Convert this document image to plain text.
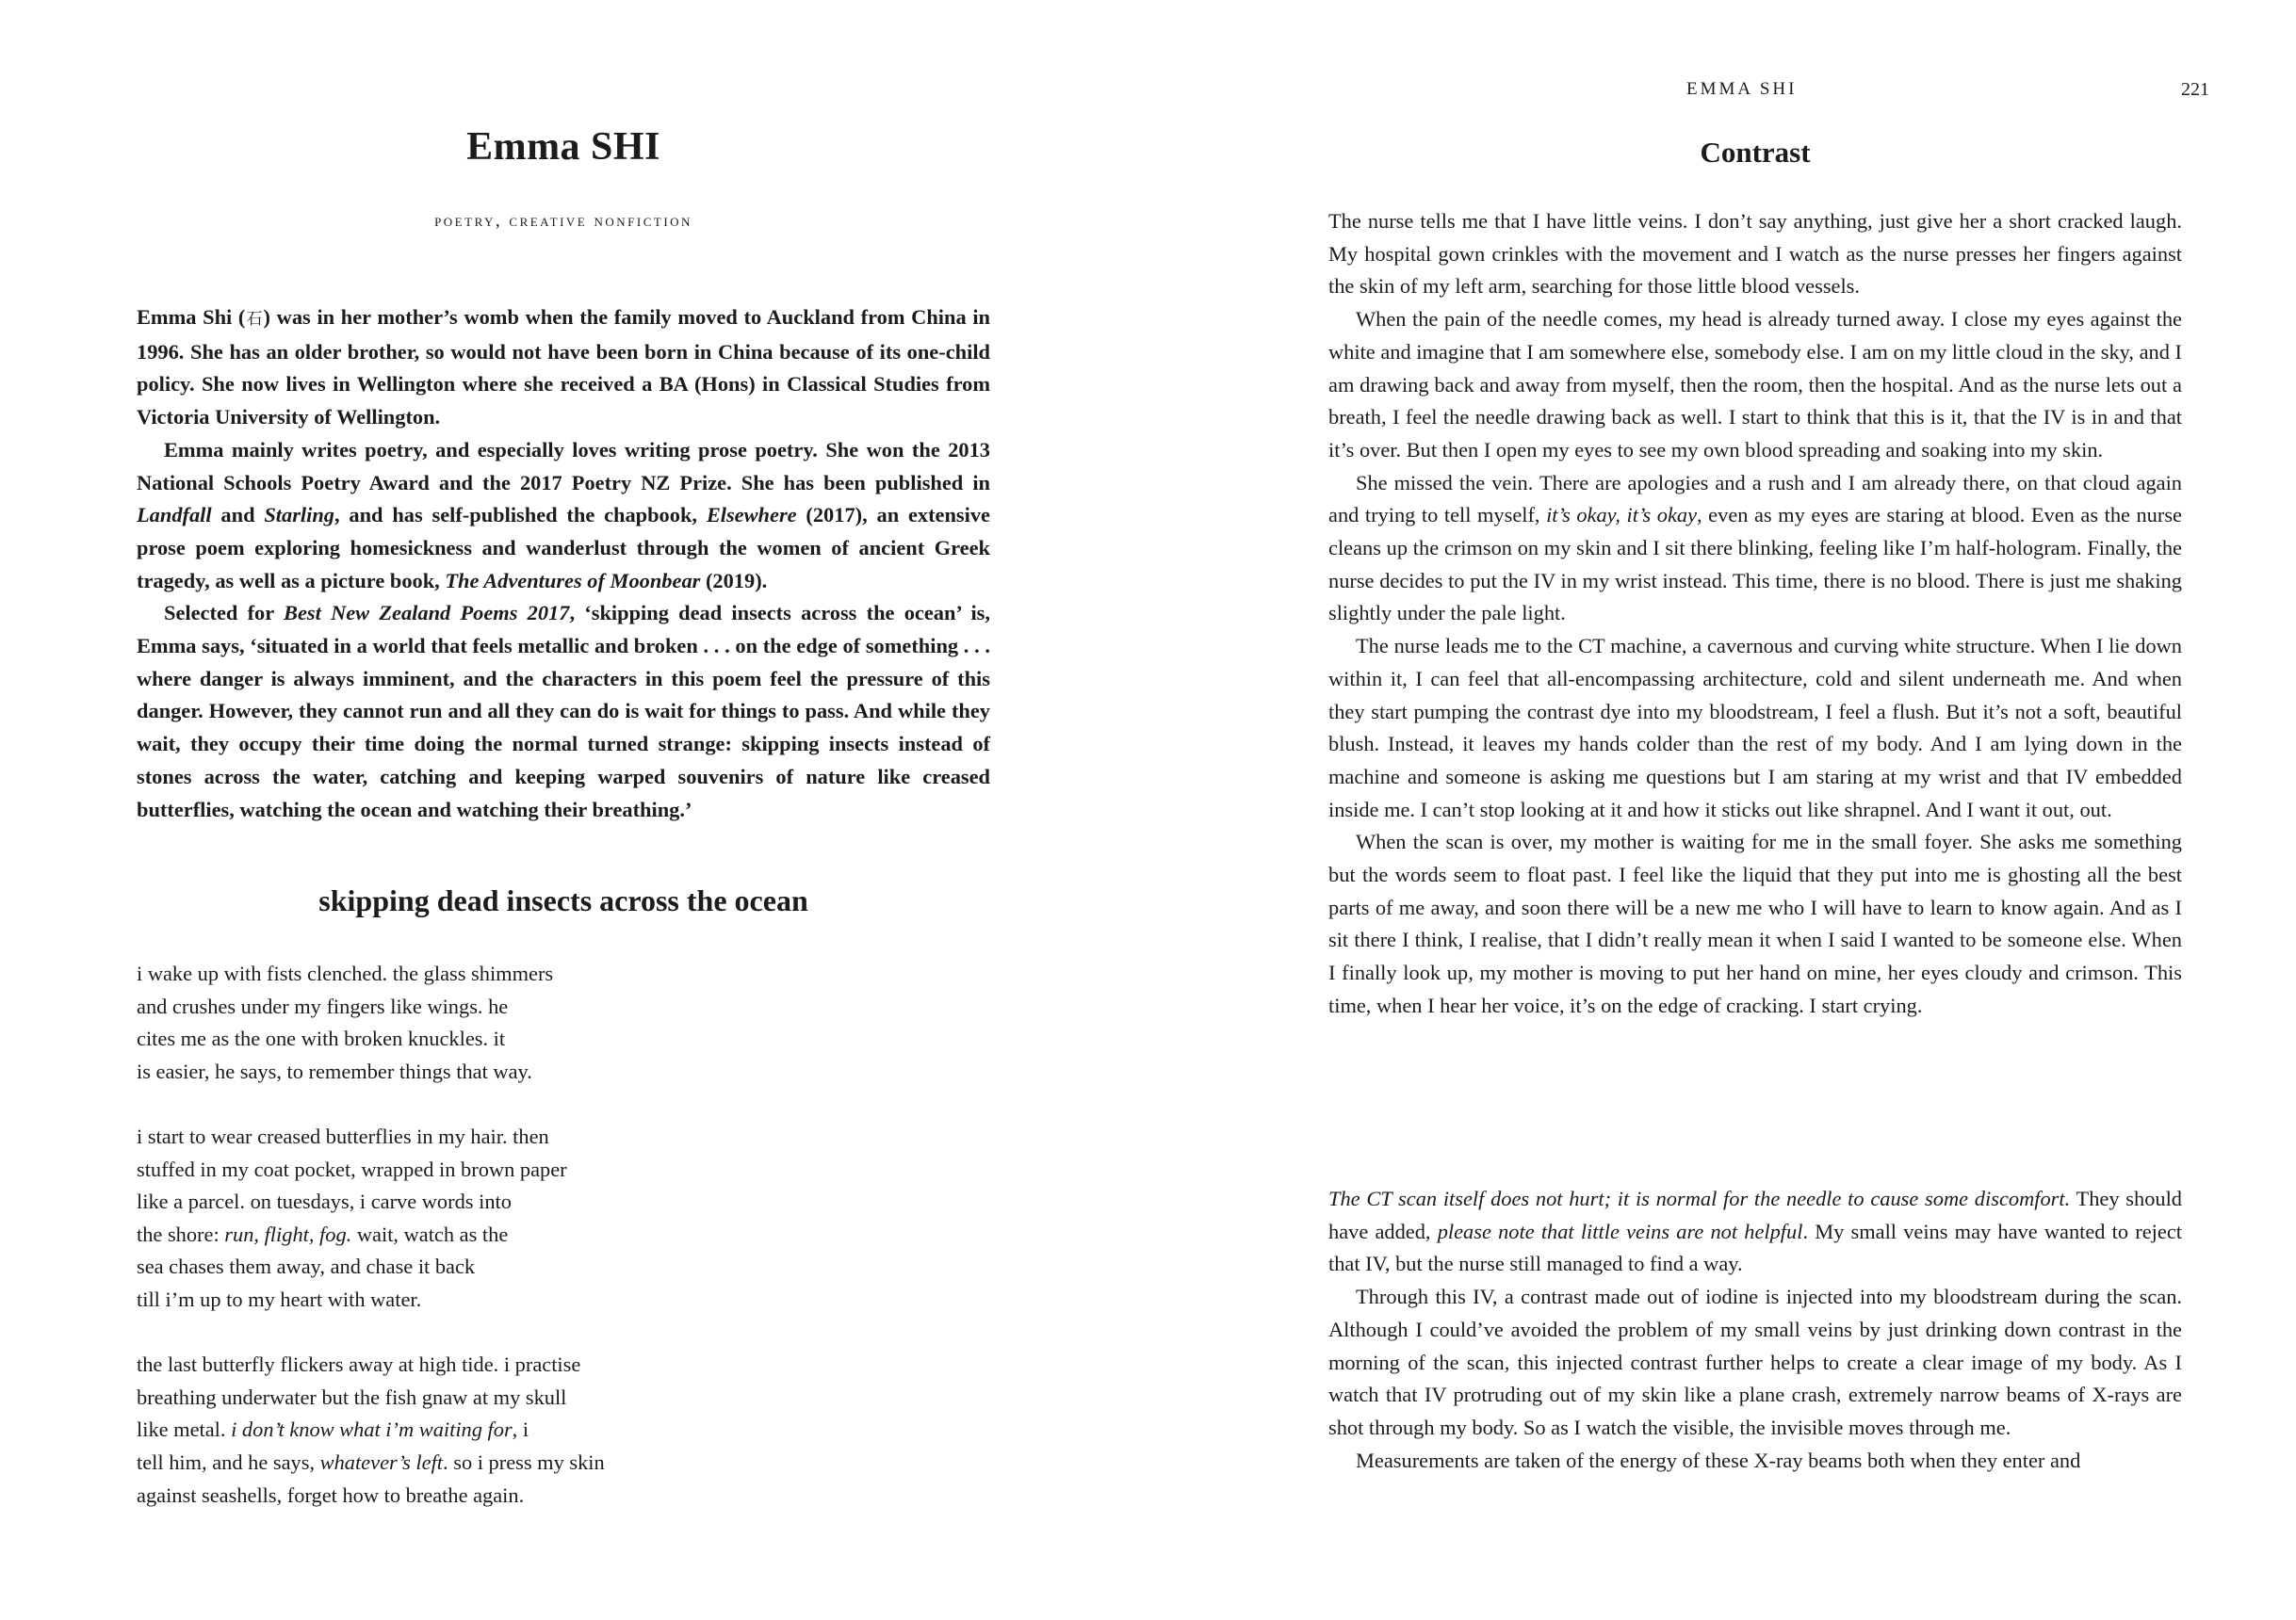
Emma SHI
poetry, creative nonfiction

Emma Shi (石) was in her mother’s womb when the family moved to Auckland from China in 1996. She has an older brother, so would not have been born in China because of its one-child policy. She now lives in Wellington where she received a BA (Hons) in Classical Studies from Victoria University of Wellington.

Emma mainly writes poetry, and especially loves writing prose poetry. She won the 2013 National Schools Poetry Award and the 2017 Poetry NZ Prize. She has been published in Landfall and Starling, and has self-published the chapbook, Elsewhere (2017), an extensive prose poem exploring homesickness and wanderlust through the women of ancient Greek tragedy, as well as a picture book, The Adventures of Moonbear (2019).

Selected for Best New Zealand Poems 2017, ‘skipping dead insects across the ocean’ is, Emma says, ‘situated in a world that feels metallic and broken . . . on the edge of something . . . where danger is always imminent, and the characters in this poem feel the pressure of this danger. However, they cannot run and all they can do is wait for things to pass. And while they wait, they occupy their time doing the normal turned strange: skipping insects instead of stones across the water, catching and keeping warped souvenirs of nature like creased butterflies, watching the ocean and watching their breathing.’

skipping dead insects across the ocean
i wake up with fists clenched. the glass shimmers
and crushes under my fingers like wings. he
cites me as the one with broken knuckles. it
is easier, he says, to remember things that way.
i start to wear creased butterflies in my hair. then
stuffed in my coat pocket, wrapped in brown paper
like a parcel. on tuesdays, i carve words into
the shore: run, flight, fog. wait, watch as the
sea chases them away, and chase it back
till i’m up to my heart with water.
the last butterfly flickers away at high tide. i practise
breathing underwater but the fish gnaw at my skull
like metal. i don’t know what i’m waiting for, i
tell him, and he says, whatever’s left. so i press my skin
against seashells, forget how to breathe again.
EMMA SHI	221
Contrast

The nurse tells me that I have little veins. I don’t say anything, just give her a short cracked laugh. My hospital gown crinkles with the movement and I watch as the nurse presses her fingers against the skin of my left arm, searching for those little blood vessels.

When the pain of the needle comes, my head is already turned away. I close my eyes against the white and imagine that I am somewhere else, somebody else. I am on my little cloud in the sky, and I am drawing back and away from myself, then the room, then the hospital. And as the nurse lets out a breath, I feel the needle drawing back as well. I start to think that this is it, that the IV is in and that it’s over. But then I open my eyes to see my own blood spreading and soaking into my skin.

She missed the vein. There are apologies and a rush and I am already there, on that cloud again and trying to tell myself, it’s okay, it’s okay, even as my eyes are staring at blood. Even as the nurse cleans up the crimson on my skin and I sit there blinking, feeling like I’m half-hologram. Finally, the nurse decides to put the IV in my wrist instead. This time, there is no blood. There is just me shaking slightly under the pale light.

The nurse leads me to the CT machine, a cavernous and curving white structure. When I lie down within it, I can feel that all-encompassing architecture, cold and silent underneath me. And when they start pumping the contrast dye into my bloodstream, I feel a flush. But it’s not a soft, beautiful blush. Instead, it leaves my hands colder than the rest of my body. And I am lying down in the machine and someone is asking me questions but I am staring at my wrist and that IV embedded inside me. I can’t stop looking at it and how it sticks out like shrapnel. And I want it out, out.

When the scan is over, my mother is waiting for me in the small foyer. She asks me something but the words seem to float past. I feel like the liquid that they put into me is ghosting all the best parts of me away, and soon there will be a new me who I will have to learn to know again. And as I sit there I think, I realise, that I didn’t really mean it when I said I wanted to be someone else. When I finally look up, my mother is moving to put her hand on mine, her eyes cloudy and crimson. This time, when I hear her voice, it’s on the edge of cracking. I start crying.

The CT scan itself does not hurt; it is normal for the needle to cause some discomfort. They should have added, please note that little veins are not helpful. My small veins may have wanted to reject that IV, but the nurse still managed to find a way.

Through this IV, a contrast made out of iodine is injected into my bloodstream during the scan. Although I could’ve avoided the problem of my small veins by just drinking down contrast in the morning of the scan, this injected contrast further helps to create a clear image of my body. As I watch that IV protruding out of my skin like a plane crash, extremely narrow beams of X-rays are shot through my body. So as I watch the visible, the invisible moves through me.

Measurements are taken of the energy of these X-ray beams both when they enter and
